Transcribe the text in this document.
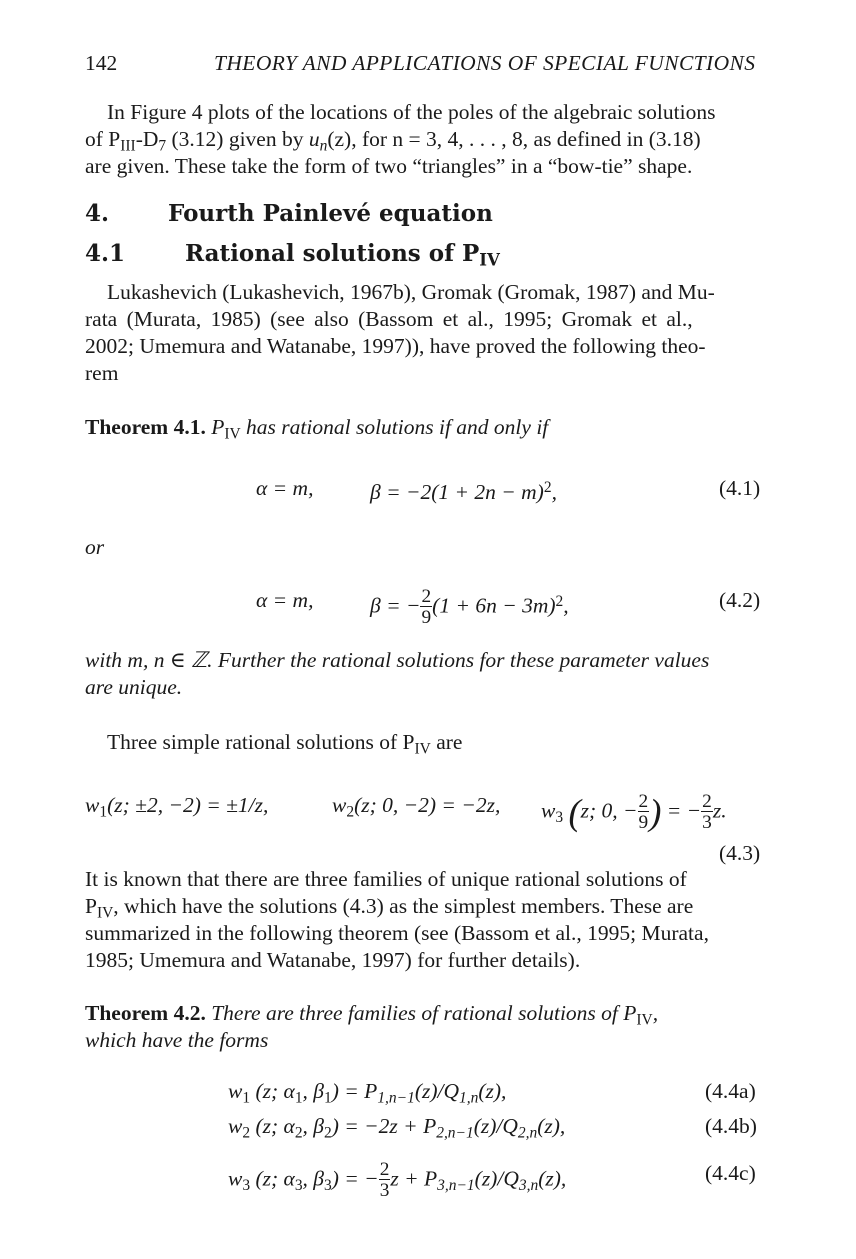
142	THEORY AND APPLICATIONS OF SPECIAL FUNCTIONS
In Figure 4 plots of the locations of the poles of the algebraic solutions
of $P_{III}-D_7$ (3.12) given by $u_n(z)$, for n = 3, 4, . . . , 8, as defined in (3.18)
are given. These take the form of two “triangles” in a “bow-tie” shape.
4.	Fourth Painlevé equation
4.1	Rational solutions of $P_{IV}$
Lukashevich (Lukashevich, 1967b), Gromak (Gromak, 1987) and Mu-
rata (Murata, 1985) (see also (Bassom et al., 1995; Gromak et al.,
2002; Umemura and Watanabe, 1997)), have proved the following theo-
rem
Theorem 4.1. $P_{IV}$ has rational solutions if and only if
α = m,	$\beta = -2(1 + 2n - m)^2$,	(4.1)
or
α = m,	β = − $\frac{2}{9} (1 + 6n - 3m)^2$,	(4.2)
with m, n ∈ ℤ. Further the rational solutions for these parameter values
are unique.
Three simple rational solutions of $P_{IV}$ are
$w_1(z$; ±2, −2) = ±1/z,	$w_2(z$; 0, −2) = −2z, $w_3$ (z; 0, − $\frac{2}{9}$ ) = − $\frac{2}{3} z$.
(4.3)
It is known that there are three families of unique rational solutions of
$P_{IV}$, which have the solutions (4.3) as the simplest members. These are
summarized in the following theorem (see (Bassom et al., 1995; Murata,
1985; Umemura and Watanabe, 1997) for further details).
Theorem 4.2. There are three families of rational solutions of $P_{IV}$,
which have the forms
$w_1$ (z; $\alpha_1$, $\beta_1) = P_{1,n-1}(z)/Q_{1,n}(z)$,	(4.4a)
$w_2$ (z; $\alpha_2$, $\beta_2) = -2z + P_{2,n-1}(z)/Q_{2,n}(z)$,	(4.4b)
$w_3$ (z; $\alpha_3$, $\beta_3$) = − $\frac{2}{3}$ $z + P_{3,n-1}(z)/Q_{3,n}(z)$,	(4.4c)
